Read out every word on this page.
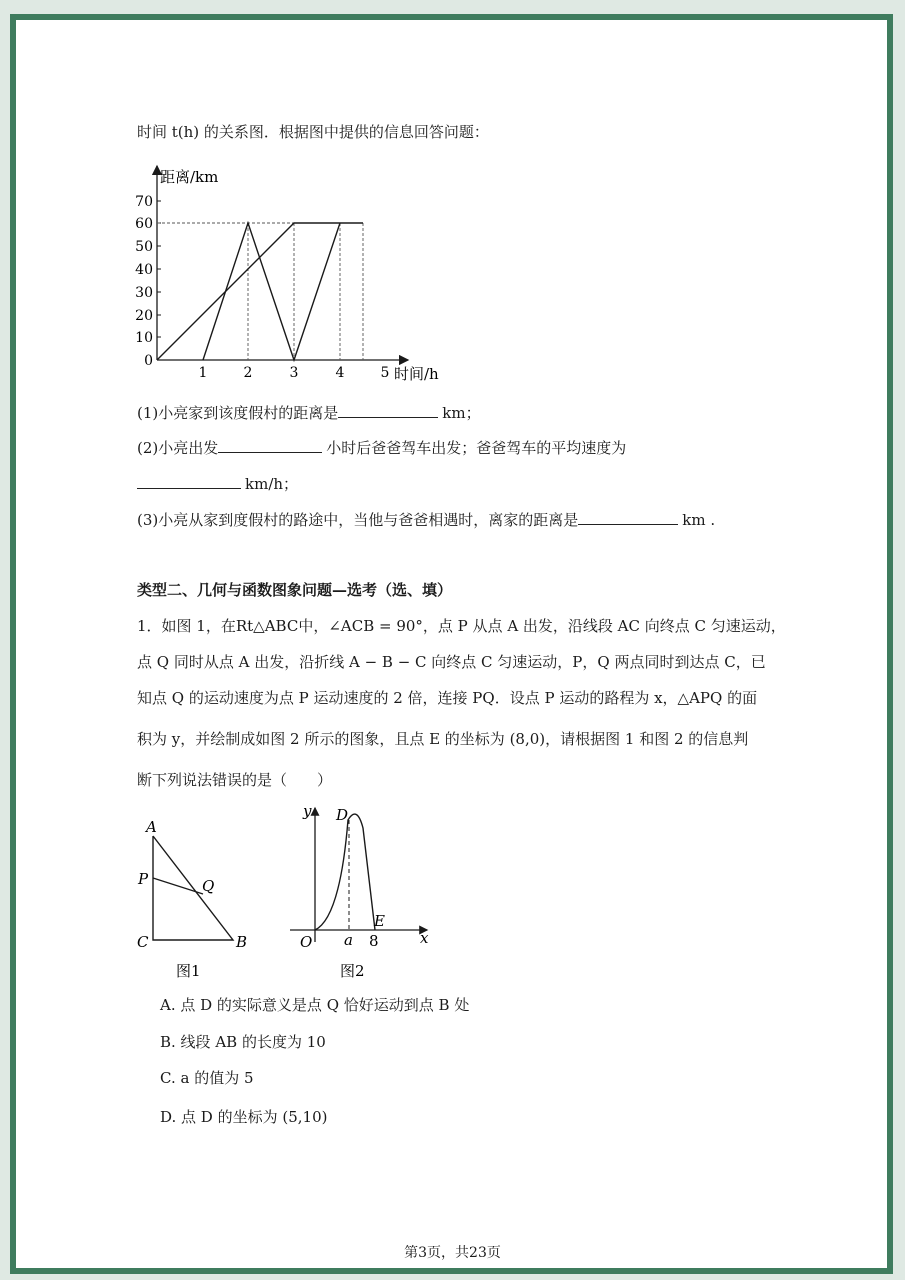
时间 t(h) 的关系图．根据图中提供的信息回答问题：
距离/km
0
10
20
30
40
50
60
70
1	2	3	4	5 时间/h
(1)小亮家到该度假村的距离是	km；
(2)小亮出发	小时后爸爸驾车出发；爸爸驾车的平均速度为
km/h；
(3)小亮从家到度假村的路途中，当他与爸爸相遇时，离家的距离是	km .
类型二、几何与函数图象问题—选考（选、填）
1．如图 1，在Rt△ABC中，∠ACB = 90°，点 P 从点 A 出发，沿线段 AC 向终点 C 匀速运动，
点 Q 同时从点 A 出发，沿折线 A − B − C 向终点 C 匀速运动，P，Q 两点同时到达点 C，已
知点 Q 的运动速度为点 P 运动速度的 2 倍，连接 PQ．设点 P 运动的路程为 x，△APQ 的面
积为 y，并绘制成如图 2 所示的图象，且点 E 的坐标为 (8,0)，请根据图 1 和图 2 的信息判
断下列说法错误的是（　　）
A
P	Q
C	B
图1
y D
E
O a 8	x
图2
A. 点 D 的实际意义是点 Q 恰好运动到点 B 处
B. 线段 AB 的长度为 10
C. a 的值为 5
D. 点 D 的坐标为 (5,10)
第3页，共23页
